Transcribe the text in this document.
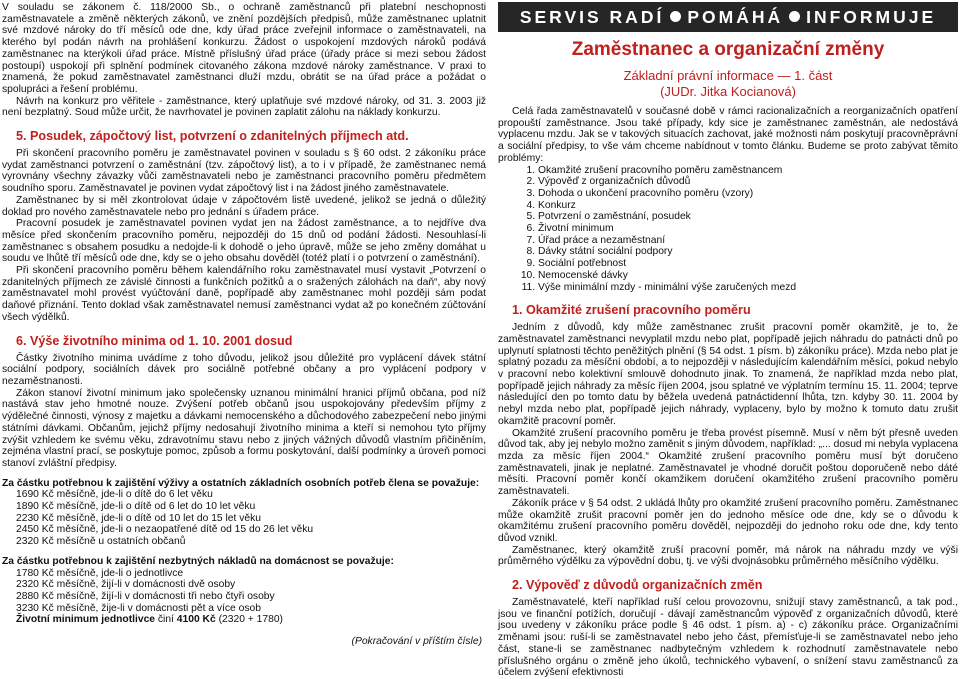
V souladu se zákonem č. 118/2000 Sb., o ochraně zaměstnanců při platební neschopnosti zaměstnavatele a změně některých zákonů, ve znění pozdějších předpisů, může zaměstnanec uplatnit své mzdové nároky do tří měsíců ode dne, kdy úřad práce zveřejnil informace o zaměstnavateli, na kterého byl podán návrh na prohlášení konkurzu. Žádost o uspokojení mzdových nároků podává zaměstnanec na kterýkoli úřad práce. Místně příslušný úřad práce (úřady práce si mezi sebou žádost postoupí) uspokojí při splnění podmínek citovaného zákona mzdové nároky zaměstnance. V praxi to znamená, že pokud zaměstnavatel zaměstnanci dluží mzdu, obrátit se na úřad práce a požádat o spolupráci a řešení problému.

Návrh na konkurz pro věřitele - zaměstnance, který uplatňuje své mzdové nároky, od 31. 3. 2003 již není bezplatný. Soud může určit, že navrhovatel je povinen zaplatit zálohu na náklady konkurzu.

5. Posudek, zápočtový list, potvrzení o zdanitelných příjmech atd.

Při skončení pracovního poměru je zaměstnavatel povinen v souladu s § 60 odst. 2 zákoníku práce vydat zaměstnanci potvrzení o zaměstnání (tzv. zápočtový list), a to i v případě, že zaměstnanec nemá vyrovnány všechny závazky vůči zaměstnavateli nebo je zaměstnanci pracovního poměru předmětem soudního sporu. Zaměstnavatel je povinen vydat zápočtový list i na žádost jiného zaměstnavatele.

Zaměstnanec by si měl zkontrolovat údaje v zápočtovém listě uvedené, jelikož se jedná o důležitý doklad pro nového zaměstnavatele nebo pro jednání s úřadem práce.

Pracovní posudek je zaměstnavatel povinen vydat jen na žádost zaměstnance, a to nejdříve dva měsíce před skončením pracovního poměru, nejpozději do 15 dnů od podání žádosti. Nesouhlasí-li zaměstnanec s obsahem posudku a nedojde-li k dohodě o jeho úpravě, může se jeho změny domáhat u soudu ve lhůtě tří měsíců ode dne, kdy se o jeho obsahu dověděl (totéž platí i o potvrzení o zaměstnání).

Při skončení pracovního poměru během kalendářního roku zaměstnavatel musí vystavit „Potvrzení o zdanitelných příjmech ze závislé činnosti a funkčních požitků a o sražených zálohách na daň“, aby nový zaměstnavatel mohl provést vyúčtování daně, popřípadě aby zaměstnanec mohl později sám podat daňové přiznání. Tento doklad však zaměstnavatel nemusí zaměstnanci vydat až po konečném zúčtování všech výdělků.

6. Výše životního minima od 1. 10. 2001 dosud

Částky životního minima uvádíme z toho důvodu, jelikož jsou důležité pro vyplácení dávek státní sociální podpory, sociálních dávek pro sociálně potřebné občany a pro vyplácení podpory v nezaměstnanosti.

Zákon stanoví životní minimum jako společensky uznanou minimální hranici příjmů občana, pod níž nastává stav jeho hmotné nouze. Zvýšení potřeb občanů jsou uspokojovány především příjmy z výdělečné činnosti, výnosy z majetku a dávkami nemocenského a důchodového zabezpečení nebo jinými státními dávkami. Občanům, jejichž příjmy nedosahují životního minima a kteří si nemohou tyto příjmy zvýšit vzhledem ke svému věku, zdravotnímu stavu nebo z jiných vážných důvodů vlastním přičiněním, zejména vlastní prací, se poskytuje pomoc, způsob a formu poskytování, další podmínky a úroveň pomoci stanoví zvláštní předpisy.

Za částku potřebnou k zajištění výživy a ostatních základních osobních potřeb člena se považuje:

1690 Kč měsíčně, jde-li o dítě do 6 let věku
1890 Kč měsíčně, jde-li o dítě od 6 let do 10 let věku
2230 Kč měsíčně, jde-li o dítě od 10 let do 15 let věku
2450 Kč měsíčně, jde-li o nezaopatřené dítě od 15 do 26 let věku
2320 Kč měsíčně u ostatních občanů

Za částku potřebnou k zajištění nezbytných nákladů na domácnost se považuje:

1780 Kč měsíčně, jde-li o jednotlivce
2320 Kč měsíčně, žijí-li v domácnosti dvě osoby
2880 Kč měsíčně, žijí-li v domácnosti tři nebo čtyři osoby
3230 Kč měsíčně, žije-li v domácnosti pět a více osob
Životní minimum jednotlivce činí 4100 Kč (2320 + 1780)
(Pokračování v příštím čísle)
SERVIS RADÍ POMÁHÁ INFORMUJE
Zaměstnanec a organizační změny
Základní právní informace — 1. část
(JUDr. Jitka Kocianová)

Celá řada zaměstnavatelů v současné době v rámci racionalizačních a reorganizačních opatření propouští zaměstnance. Jsou také případy, kdy sice je zaměstnanec zaměstnán, ale nedostává vyplacenu mzdu. Jak se v takových situacích zachovat, jaké možnosti nám poskytují pracovněprávní a sociální předpisy, to vše vám chceme nabídnout v tomto článku. Budeme se proto zabývat těmito problémy:

1. Okamžité zrušení pracovního poměru zaměstnancem
2. Výpověď z organizačních důvodů
3. Dohoda o ukončení pracovního poměru (vzory)
4. Konkurz
5. Potvrzení o zaměstnání, posudek
6. Životní minimum
7. Úřad práce a nezaměstnaní
8. Dávky státní sociální podpory
9. Sociální potřebnost
10. Nemocenské dávky
11. Výše minimální mzdy - minimální výše zaručených mezd
1. Okamžité zrušení pracovního poměru

Jedním z důvodů, kdy může zaměstnanec zrušit pracovní poměr okamžitě, je to, že zaměstnavatel zaměstnanci nevyplatil mzdu nebo plat, popřípadě jejich náhradu do patnácti dnů po uplynutí splatnosti těchto peněžitých plnění (§ 54 odst. 1 písm. b) zákoníku práce). Mzda nebo plat je splatný pozadu za měsíční období, a to nejpozději v následujícím kalendářním měsíci, pokud nebylo v pracovní nebo kolektivní smlouvě dohodnuto jinak. To znamená, že například mzda nebo plat, popřípadě jejich náhrady za měsíc říjen 2004, jsou splatné ve výplatním termínu 15. 11. 2004; teprve následující den po tomto datu by běžela uvedená patnáctidenní lhůta, tzn. kdyby 30. 11. 2004 by nebyl mzda nebo plat, popřípadě jejich náhrady, vyplaceny, bylo by možno k tomuto datu zrušit okamžitě pracovní poměr.

Okamžité zrušení pracovního poměru je třeba provést písemně. Musí v něm být přesně uveden důvod tak, aby jej nebylo možno zaměnit s jiným důvodem, například: „... dosud mi nebyla vyplacena mzda za měsíc říjen 2004.“ Okamžité zrušení pracovního poměru musí být doručeno zaměstnavateli, jinak je neplatné. Zaměstnavatel je vhodné doručit poštou doporučeně nebo dáté měsíti. Pracovní poměr končí okamžikem doručení okamžitého zrušení pracovního poměru zaměstnavateli.

Zákoník práce v § 54 odst. 2 ukládá lhůty pro okamžité zrušení pracovního poměru. Zaměstnanec může okamžitě zrušit pracovní poměr jen do jednoho měsíce ode dne, kdy se o důvodu k okamžitému zrušení pracovního poměru dověděl, nejpozději do jednoho roku ode dne, kdy tento důvod vznikl.

Zaměstnanec, který okamžitě zruší pracovní poměr, má nárok na náhradu mzdy ve výši průměrného výdělku za výpovědní dobu, tj. ve výši dvojnásobku průměrného měsíčního výdělku.

2. Výpověď z důvodů organizačních změn

Zaměstnavatelé, kteří například ruší celou provozovnu, snižují stavy zaměstnanců, a tak pod., jsou ve finanční potížích, doručují - dávají zaměstnancům výpověď z organizačních důvodů, které jsou uvedeny v zákoníku práce podle § 46 odst. 1 písm. a) - c) zákoníku práce. Organizačními změnami jsou: ruší-li se zaměstnavatel nebo jeho část, přemísťuje-li se zaměstnavatel nebo jeho část, stane-li se zaměstnanec nadbytečným vzhledem k rozhodnutí zaměstnavatele nebo příslušného orgánu o změně jeho úkolů, technického vybavení, o snížení stavu zaměstnanců za účelem zvýšení efektivnosti
